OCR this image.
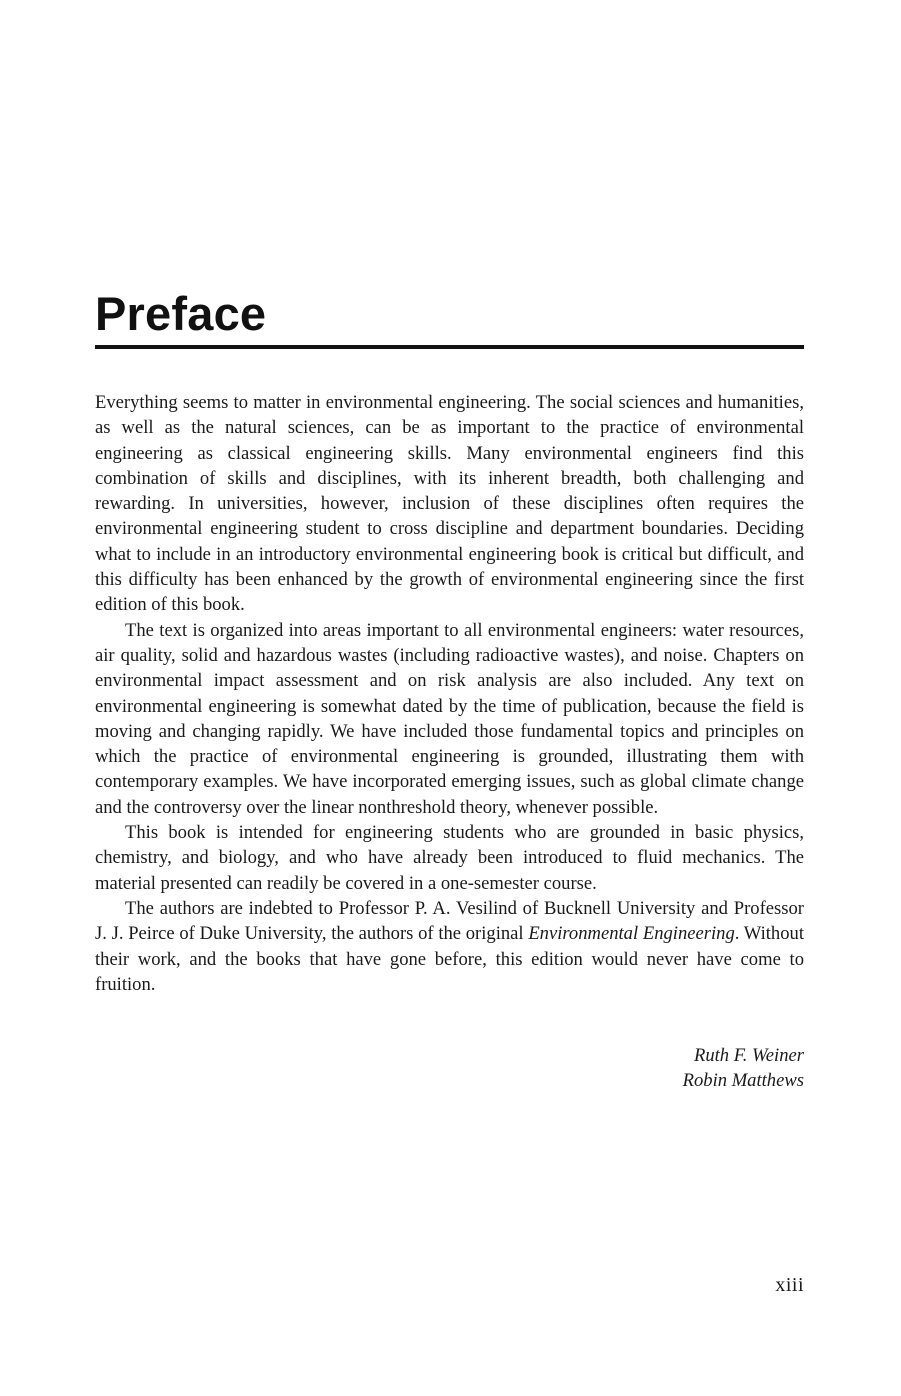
Preface

Everything seems to matter in environmental engineering. The social sciences and humanities, as well as the natural sciences, can be as important to the practice of environmental engineering as classical engineering skills. Many environmental engineers find this combination of skills and disciplines, with its inherent breadth, both challenging and rewarding. In universities, however, inclusion of these disciplines often requires the environmental engineering student to cross discipline and department boundaries. Deciding what to include in an introductory environmental engineering book is critical but difficult, and this difficulty has been enhanced by the growth of environmental engineering since the first edition of this book.

The text is organized into areas important to all environmental engineers: water resources, air quality, solid and hazardous wastes (including radioactive wastes), and noise. Chapters on environmental impact assessment and on risk analysis are also included. Any text on environmental engineering is somewhat dated by the time of publication, because the field is moving and changing rapidly. We have included those fundamental topics and principles on which the practice of environmental engineering is grounded, illustrating them with contemporary examples. We have incorporated emerging issues, such as global climate change and the controversy over the linear nonthreshold theory, whenever possible.

This book is intended for engineering students who are grounded in basic physics, chemistry, and biology, and who have already been introduced to fluid mechanics. The material presented can readily be covered in a one-semester course.

The authors are indebted to Professor P. A. Vesilind of Bucknell University and Professor J. J. Peirce of Duke University, the authors of the original Environmental Engineering. Without their work, and the books that have gone before, this edition would never have come to fruition.

Ruth F. Weiner
Robin Matthews
xiii
